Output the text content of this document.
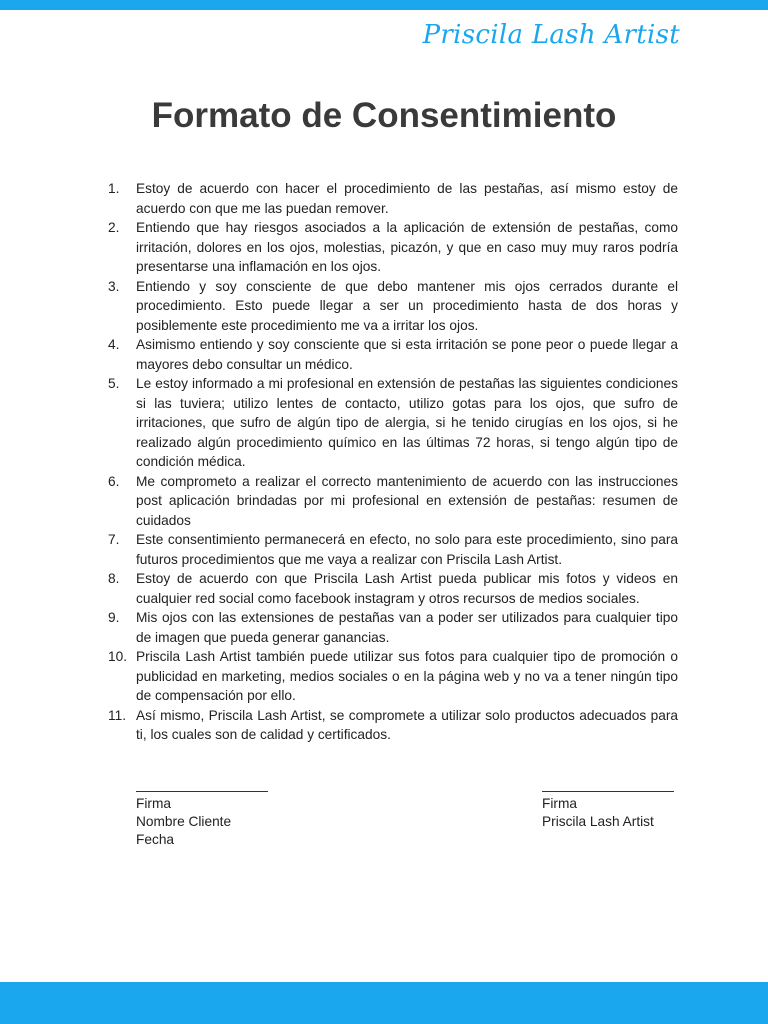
Priscila Lash Artist
Formato de Consentimiento
1.	Estoy de acuerdo con hacer el procedimiento de las pestañas, así mismo estoy de acuerdo con que me las puedan remover.
2.	Entiendo que hay riesgos asociados a la aplicación de extensión de pestañas, como irritación, dolores en los ojos, molestias, picazón, y que en caso muy muy raros podría presentarse una inflamación en los ojos.
3.	Entiendo y soy consciente de que debo mantener mis ojos cerrados durante el procedimiento. Esto puede llegar a ser un procedimiento hasta de dos horas y posiblemente este procedimiento me va a irritar los ojos.
4.	Asimismo entiendo y soy consciente que si esta irritación se pone peor o puede llegar a mayores debo consultar un médico.
5.	Le estoy informado a mi profesional en extensión de pestañas las siguientes condiciones si las tuviera; utilizo lentes de contacto, utilizo gotas para los ojos, que sufro de irritaciones, que sufro de algún tipo de alergia, si he tenido cirugías en los ojos, si he realizado algún procedimiento químico en las últimas 72 horas, si tengo algún tipo de condición médica.
6.	Me comprometo a realizar el correcto mantenimiento de acuerdo con las instrucciones post aplicación brindadas por mi profesional en extensión de pestañas: resumen de cuidados
7.	Este consentimiento permanecerá en efecto, no solo para este procedimiento, sino para futuros procedimientos que me vaya a realizar con Priscila Lash Artist.
8.	Estoy de acuerdo con que Priscila Lash Artist pueda publicar mis fotos y videos en cualquier red social como facebook instagram y otros recursos de medios sociales.
9.	Mis ojos con las extensiones de pestañas van a poder ser utilizados para cualquier tipo de imagen que pueda generar ganancias.
10. Priscila Lash Artist también puede utilizar sus fotos para cualquier tipo de promoción o publicidad en marketing, medios sociales o en la página web y no va a tener ningún tipo de compensación por ello.
11. Así mismo, Priscila Lash Artist, se compromete a utilizar solo productos adecuados para ti, los cuales son de calidad y certificados.
Firma
Nombre Cliente
Fecha
Firma
Priscila Lash Artist
